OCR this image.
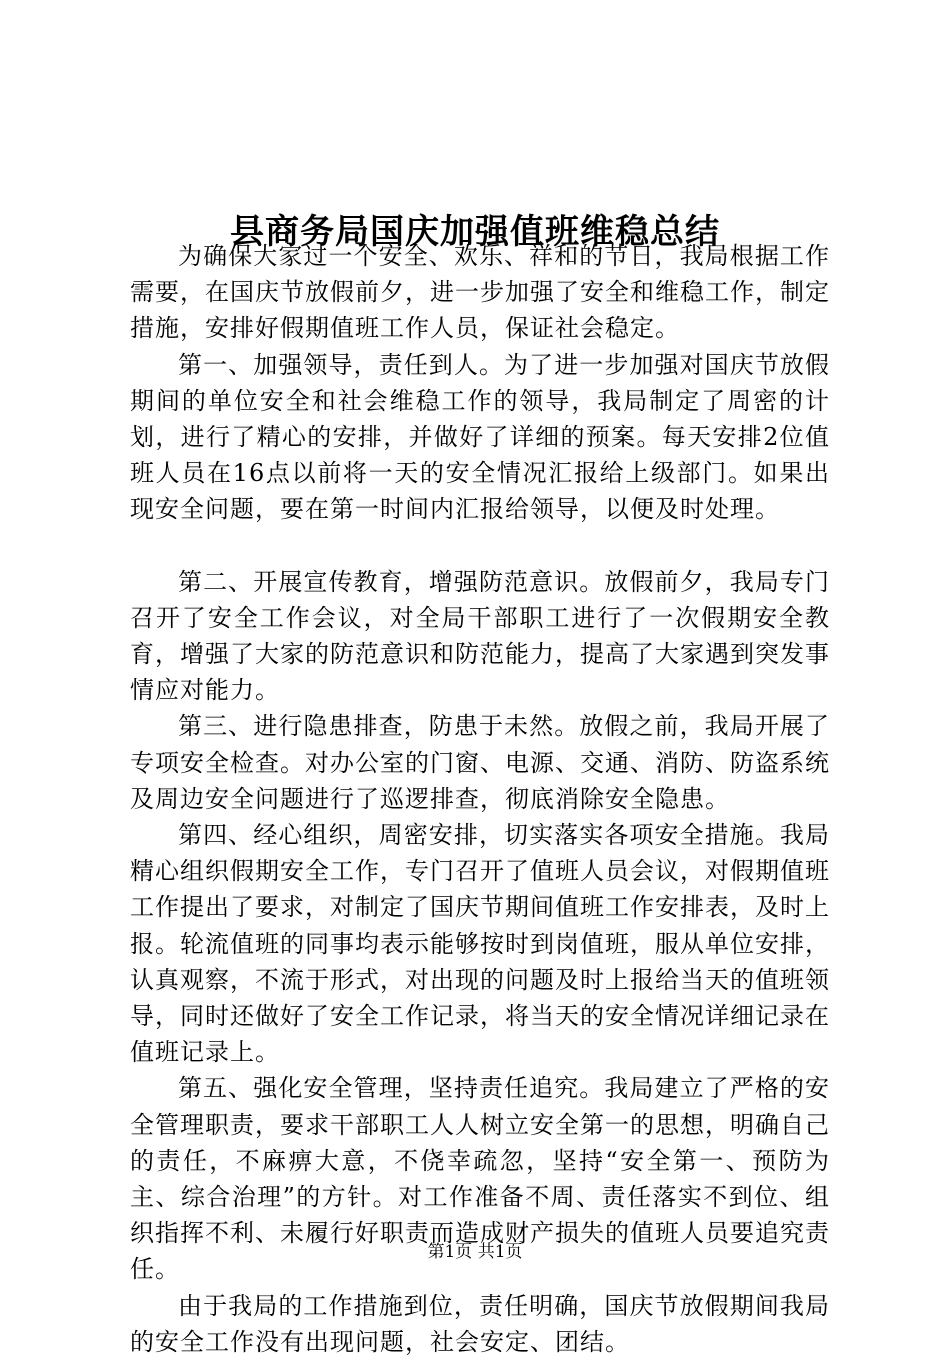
县商务局国庆加强值班维稳总结

为确保大家过一个安全、欢乐、祥和的节日，我局根据工作需要，在国庆节放假前夕，进一步加强了安全和维稳工作，制定措施，安排好假期值班工作人员，保证社会稳定。

第一、加强领导，责任到人。为了进一步加强对国庆节放假期间的单位安全和社会维稳工作的领导，我局制定了周密的计划，进行了精心的安排，并做好了详细的预案。每天安排2位值班人员在16点以前将一天的安全情况汇报给上级部门。如果出现安全问题，要在第一时间内汇报给领导，以便及时处理。

第二、开展宣传教育，增强防范意识。放假前夕，我局专门召开了安全工作会议，对全局干部职工进行了一次假期安全教育，增强了大家的防范意识和防范能力，提高了大家遇到突发事情应对能力。

第三、进行隐患排查，防患于未然。放假之前，我局开展了专项安全检查。对办公室的门窗、电源、交通、消防、防盗系统及周边安全问题进行了巡逻排查，彻底消除安全隐患。

第四、经心组织，周密安排，切实落实各项安全措施。我局精心组织假期安全工作，专门召开了值班人员会议，对假期值班工作提出了要求，对制定了国庆节期间值班工作安排表，及时上报。轮流值班的同事均表示能够按时到岗值班，服从单位安排，认真观察，不流于形式，对出现的问题及时上报给当天的值班领导，同时还做好了安全工作记录，将当天的安全情况详细记录在值班记录上。

第五、强化安全管理，坚持责任追究。我局建立了严格的安全管理职责，要求干部职工人人树立安全第一的思想，明确自己的责任，不麻痹大意，不侥幸疏忽，坚持“安全第一、预防为主、综合治理”的方针。对工作准备不周、责任落实不到位、组织指挥不利、未履行好职责而造成财产损失的值班人员要追究责任。

由于我局的工作措施到位，责任明确，国庆节放假期间我局的安全工作没有出现问题，社会安定、团结。

第1页 共1页
